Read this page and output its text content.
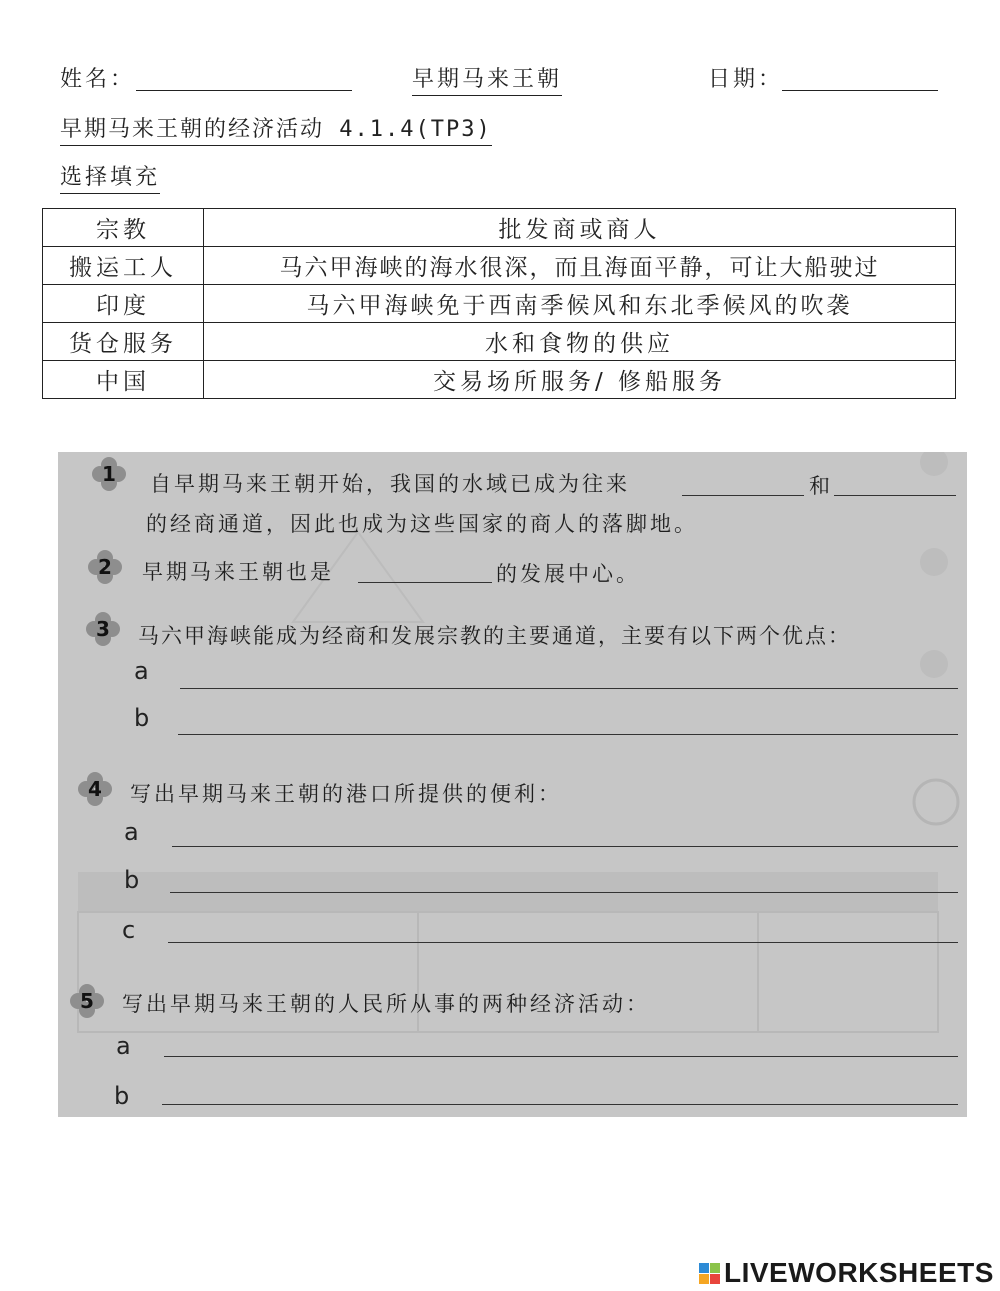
姓名：	早期马来王朝	日期：
早期马来王朝的经济活动 4.1.4(TP3)
选择填充
宗教	批发商或商人
搬运工人	马六甲海峡的海水很深，而且海面平静，可让大船驶过
印度	马六甲海峡免于西南季候风和东北季候风的吹袭
货仓服务	水和食物的供应
中国	交易场所服务/ 修船服务
1	自早期马来王朝开始，我国的水域已成为往来	和
的经商通道，因此也成为这些国家的商人的落脚地。
2	早期马来王朝也是	的发展中心。
3	马六甲海峡能成为经商和发展宗教的主要通道，主要有以下两个优点：
a
b
4	写出早期马来王朝的港口所提供的便利：
a
b
c
5	写出早期马来王朝的人民所从事的两种经济活动：
a
b
LIVEWORKSHEETS
